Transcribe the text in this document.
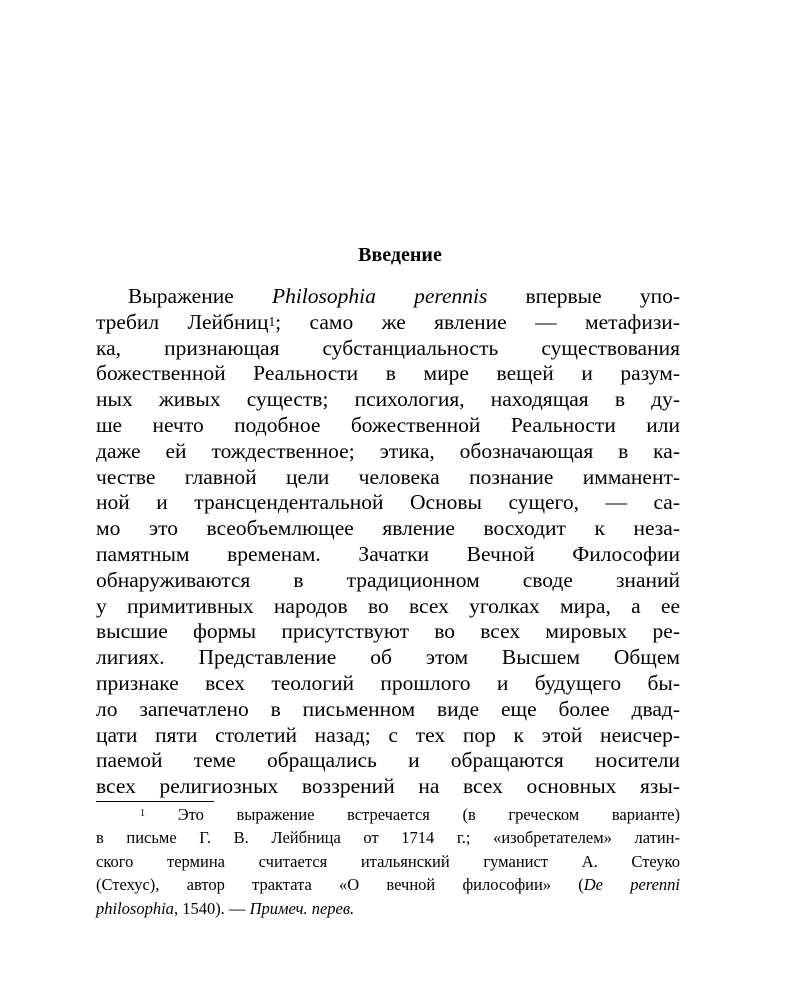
Введение
Выражение Philosophia perennis впервые упо-
требил Лейбниц$^1$; само же явление — метафизи-
ка, признающая субстанциальность существования
божественной Реальности в мире вещей и разум-
ных живых существ; психология, находящая в ду-
ше нечто подобное божественной Реальности или
даже ей тождественное; этика, обозначающая в ка-
честве главной цели человека познание имманент-
ной и трансцендентальной Основы сущего, — са-
мо это всеобъемлющее явление восходит к неза-
памятным временам. Зачатки Вечной Философии
обнаруживаются в традиционном своде знаний
у примитивных народов во всех уголках мира, а ее
высшие формы присутствуют во всех мировых ре-
лигиях. Представление об этом Высшем Общем
признаке всех теологий прошлого и будущего бы-
ло запечатлено в письменном виде еще более двад-
цати пяти столетий назад; с тех пор к этой неисчер-
паемой теме обращались и обращаются носители
всех религиозных воззрений на всех основных язы-
$^1$ Это выражение встречается (в греческом варианте)
в письме Г. В. Лейбница от 1714 г.; «изобретателем» латин-
ского термина считается итальянский гуманист А. Стеуко
(Стехус), автор трактата «О вечной философии» (De perenni
philosophia, 1540). — Примеч. перев.
